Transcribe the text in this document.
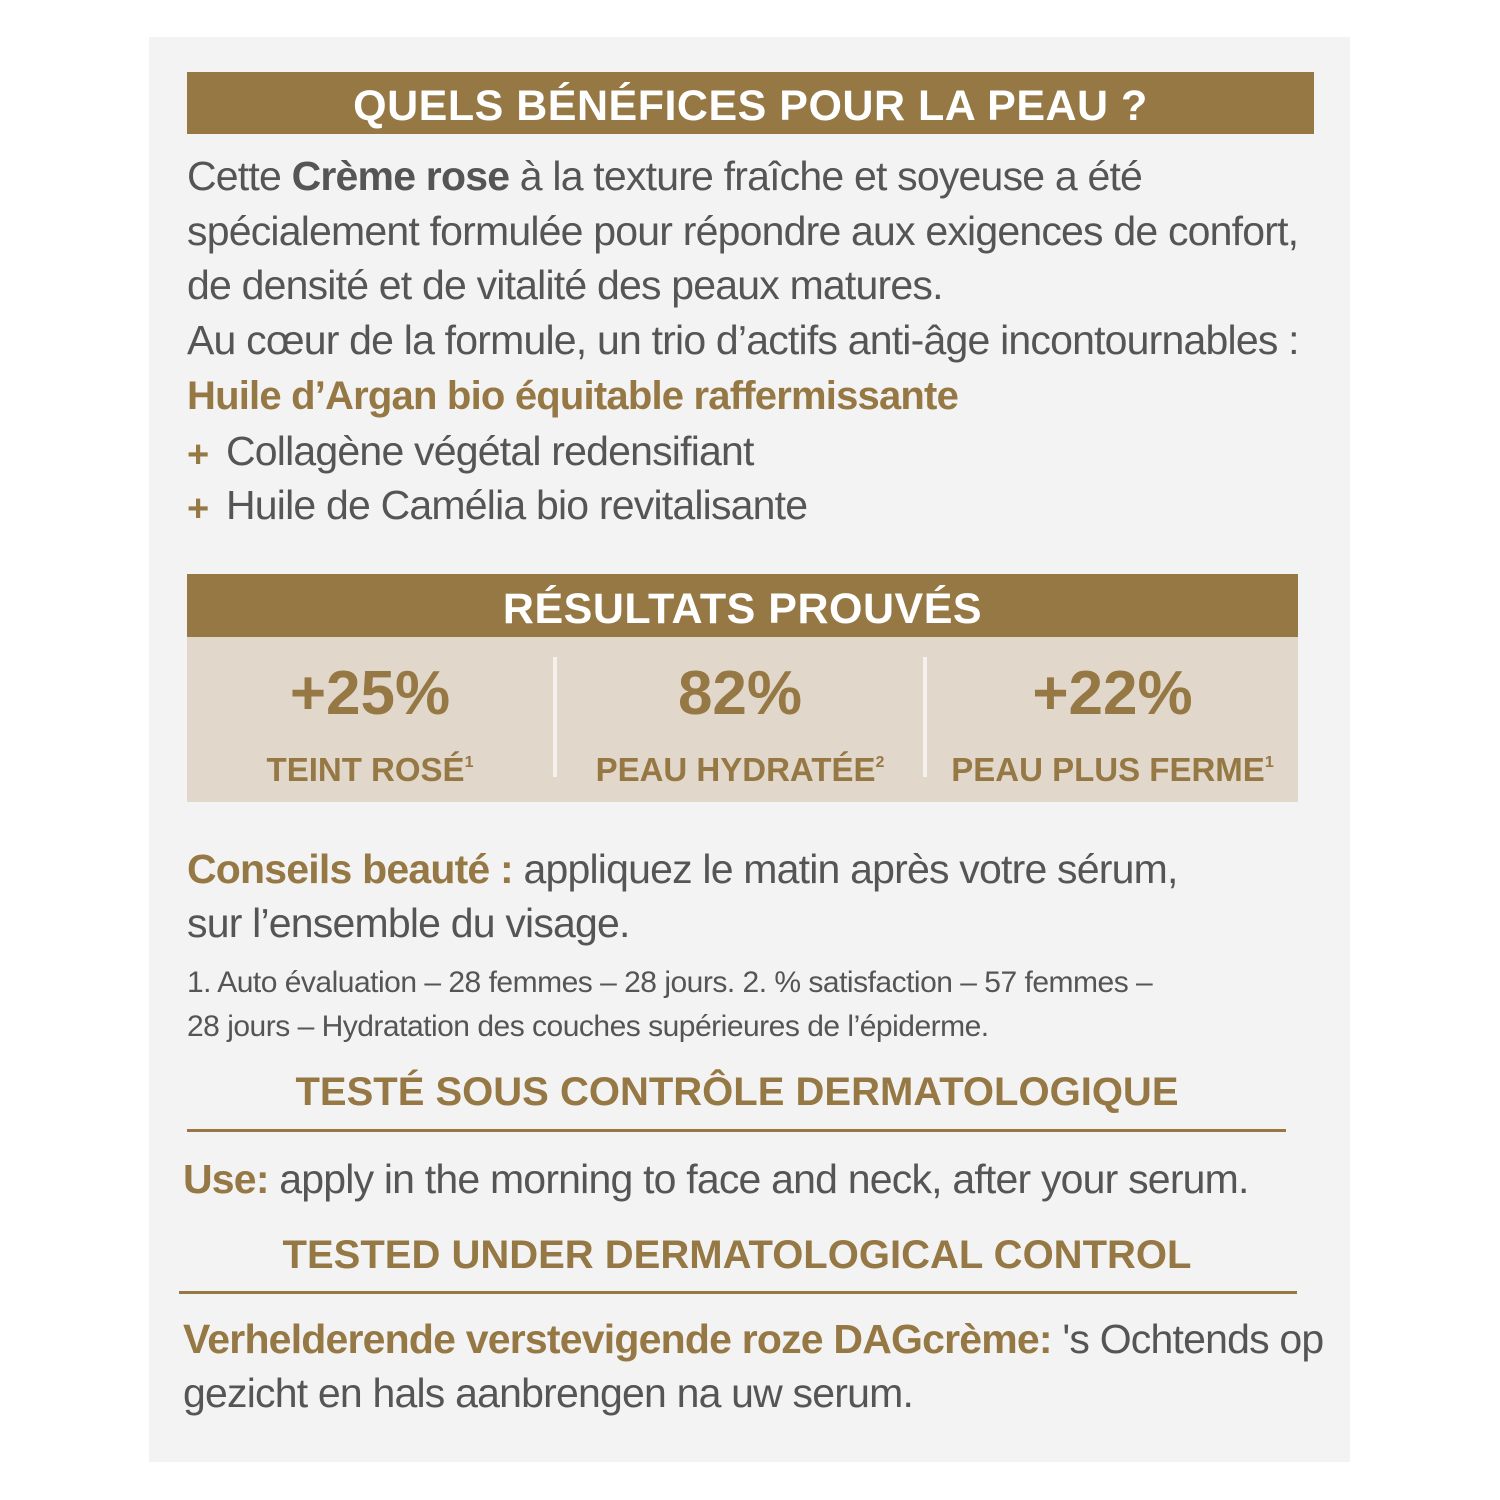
QUELS BÉNÉFICES POUR LA PEAU ?
Cette Crème rose à la texture fraîche et soyeuse a été
spécialement formulée pour répondre aux exigences de confort,
de densité et de vitalité des peaux matures.
Au cœur de la formule, un trio d’actifs anti-âge incontournables :
Huile d’Argan bio équitable raffermissante
+ Collagène végétal redensifiant
+ Huile de Camélia bio revitalisante
RÉSULTATS PROUVÉS
+25%
TEINT ROSÉ$^1$
82%
PEAU $HYDRATÉE^2$
+22%
PEAU PLUS FERME$^1$
Conseils beauté : appliquez le matin après votre sérum,
sur l’ensemble du visage.
1. Auto évaluation – 28 femmes – 28 jours. 2. % satisfaction – 57 femmes –
28 jours – Hydratation des couches supérieures de l’épiderme.
TESTÉ SOUS CONTRÔLE DERMATOLOGIQUE
Use: apply in the morning to face and neck, after your serum.
TESTED UNDER DERMATOLOGICAL CONTROL
Verhelderende verstevigende roze DAGcrème: 's Ochtends op
gezicht en hals aanbrengen na uw serum.
